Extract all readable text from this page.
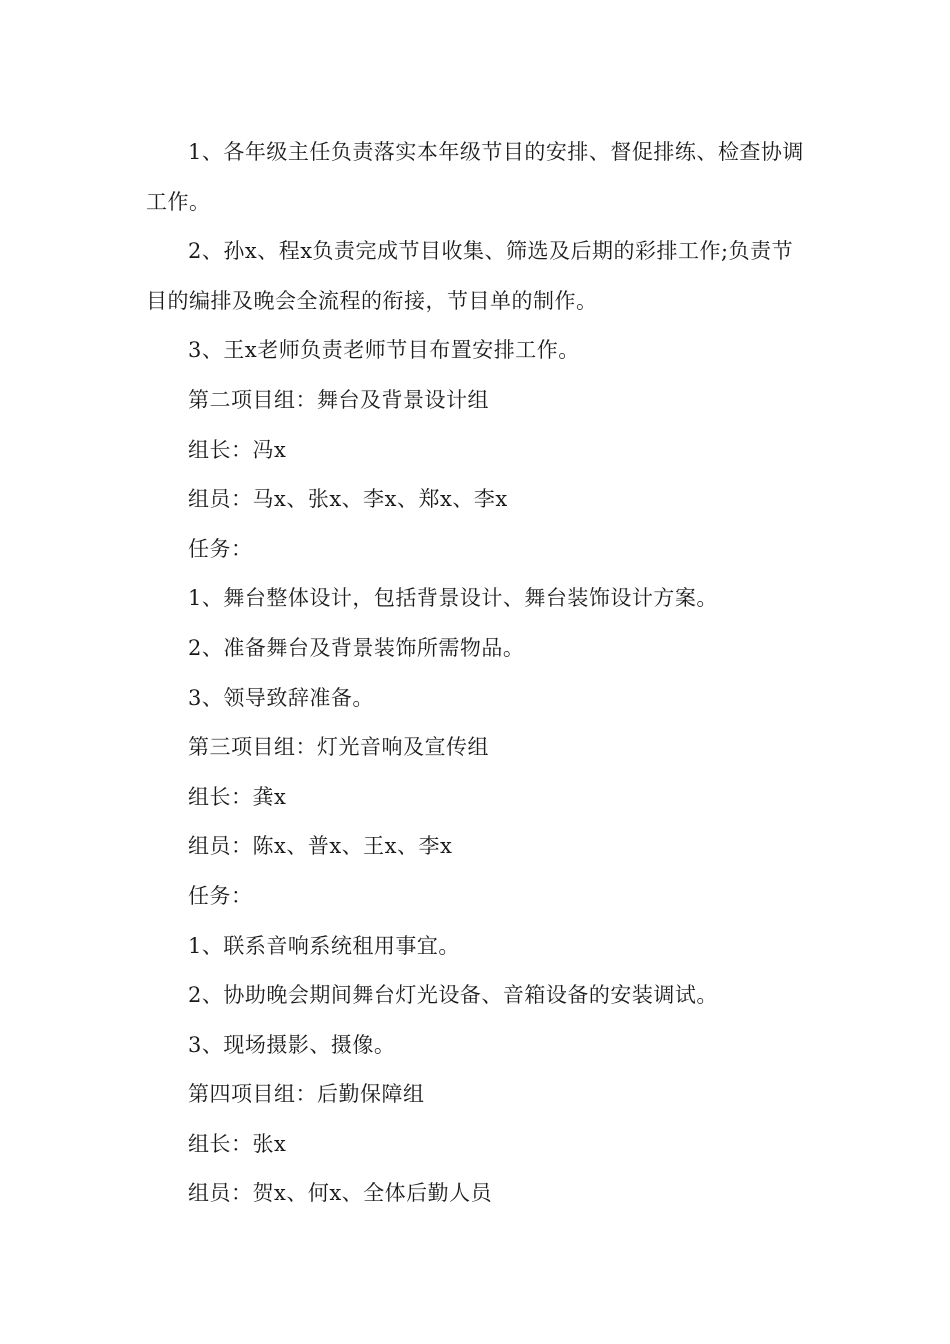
1、各年级主任负责落实本年级节目的安排、督促排练、检查协调工作。

2、孙x、程x负责完成节目收集、筛选及后期的彩排工作;负责节目的编排及晚会全流程的衔接，节目单的制作。

3、王x老师负责老师节目布置安排工作。

第二项目组：舞台及背景设计组

组长：冯x

组员：马x、张x、李x、郑x、李x

任务：

1、舞台整体设计，包括背景设计、舞台装饰设计方案。

2、准备舞台及背景装饰所需物品。

3、领导致辞准备。

第三项目组：灯光音响及宣传组

组长：龚x

组员：陈x、普x、王x、李x

任务：

1、联系音响系统租用事宜。

2、协助晚会期间舞台灯光设备、音箱设备的安装调试。

3、现场摄影、摄像。

第四项目组：后勤保障组

组长：张x

组员：贺x、何x、全体后勤人员
